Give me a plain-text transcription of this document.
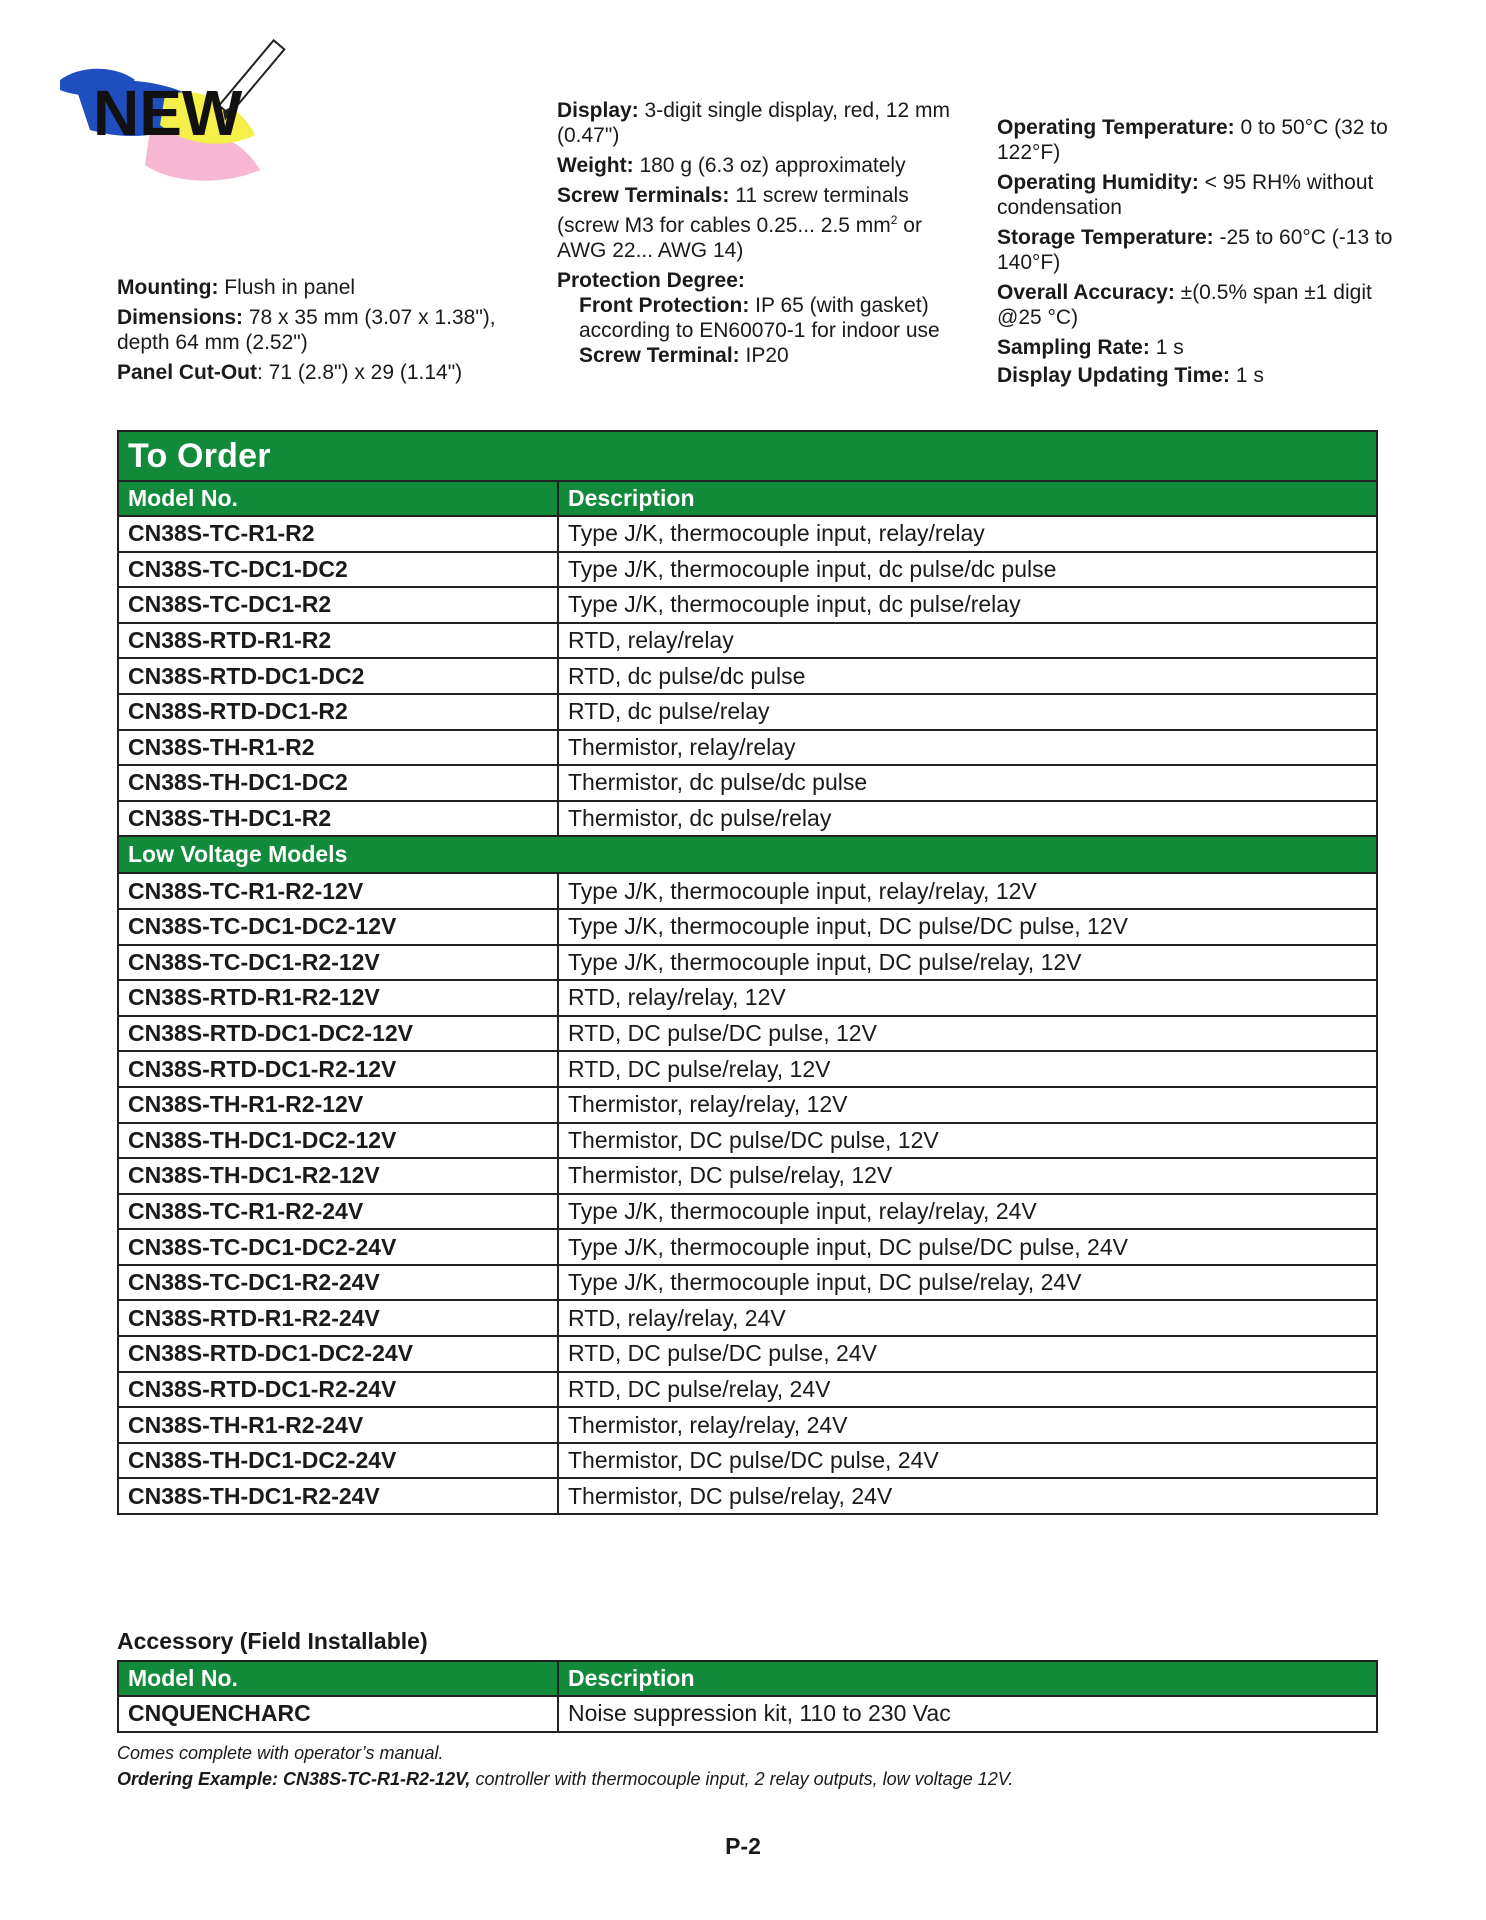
NEW

Mounting: Flush in panel

Dimensions: 78 x 35 mm (3.07 x 1.38"), depth 64 mm (2.52")

Panel Cut-Out: 71 (2.8") x 29 (1.14")

Display: 3-digit single display, red, 12 mm (0.47")

Weight: 180 g (6.3 oz) approximately

Screw Terminals: 11 screw terminals (screw M3 for cables 0.25... 2.5 $mm^2$ or AWG 22... AWG 14)

Protection Degree:

Front Protection: IP 65 (with gasket) according to EN60070-1 for indoor use

Screw Terminal: IP20

Operating Temperature: 0 to 50°C (32 to 122°F)

Operating Humidity: < 95 RH% without condensation

Storage Temperature: -25 to 60°C (-13 to 140°F)

Overall Accuracy: ±(0.5% span ±1 digit @25 °C)

Sampling Rate: 1 s

Display Updating Time: 1 s

To Order	
Model No.	Description
CN38S-TC-R1-R2	Type J/K, thermocouple input, relay/relay
CN38S-TC-DC1-DC2	Type J/K, thermocouple input, dc pulse/dc pulse
CN38S-TC-DC1-R2	Type J/K, thermocouple input, dc pulse/relay
CN38S-RTD-R1-R2	RTD, relay/relay
CN38S-RTD-DC1-DC2	RTD, dc pulse/dc pulse
CN38S-RTD-DC1-R2	RTD, dc pulse/relay
CN38S-TH-R1-R2	Thermistor, relay/relay
CN38S-TH-DC1-DC2	Thermistor, dc pulse/dc pulse
CN38S-TH-DC1-R2	Thermistor, dc pulse/relay
Low Voltage Models	
CN38S-TC-R1-R2-12V	Type J/K, thermocouple input, relay/relay, 12V
CN38S-TC-DC1-DC2-12V	Type J/K, thermocouple input, DC pulse/DC pulse, 12V
CN38S-TC-DC1-R2-12V	Type J/K, thermocouple input, DC pulse/relay, 12V
CN38S-RTD-R1-R2-12V	RTD, relay/relay, 12V
CN38S-RTD-DC1-DC2-12V	RTD, DC pulse/DC pulse, 12V
CN38S-RTD-DC1-R2-12V	RTD, DC pulse/relay, 12V
CN38S-TH-R1-R2-12V	Thermistor, relay/relay, 12V
CN38S-TH-DC1-DC2-12V	Thermistor, DC pulse/DC pulse, 12V
CN38S-TH-DC1-R2-12V	Thermistor, DC pulse/relay, 12V
CN38S-TC-R1-R2-24V	Type J/K, thermocouple input, relay/relay, 24V
CN38S-TC-DC1-DC2-24V	Type J/K, thermocouple input, DC pulse/DC pulse, 24V
CN38S-TC-DC1-R2-24V	Type J/K, thermocouple input, DC pulse/relay, 24V
CN38S-RTD-R1-R2-24V	RTD, relay/relay, 24V
CN38S-RTD-DC1-DC2-24V	RTD, DC pulse/DC pulse, 24V
CN38S-RTD-DC1-R2-24V	RTD, DC pulse/relay, 24V
CN38S-TH-R1-R2-24V	Thermistor, relay/relay, 24V
CN38S-TH-DC1-DC2-24V	Thermistor, DC pulse/DC pulse, 24V
CN38S-TH-DC1-R2-24V	Thermistor, DC pulse/relay, 24V
Accessory (Field Installable)
Model No.	Description
CNQUENCHARC	Noise suppression kit, 110 to 230 Vac
Comes complete with operator’s manual.
Ordering Example: CN38S-TC-R1-R2-12V, controller with thermocouple input, 2 relay outputs, low voltage 12V.
P-2
